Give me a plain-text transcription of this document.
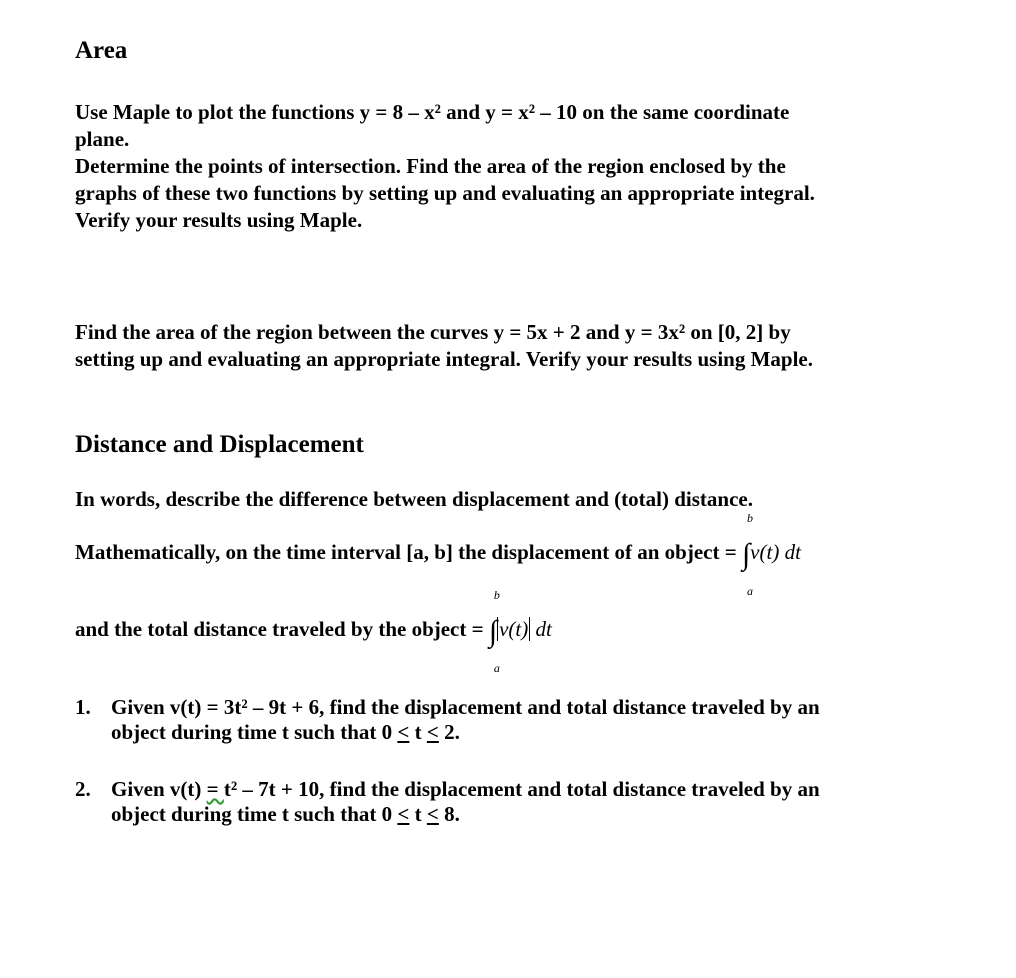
Area
Use Maple to plot the functions y = 8 – x² and y = x² – 10 on the same coordinate
plane.
Determine the points of intersection. Find the area of the region enclosed by the
graphs of these two functions by setting up and evaluating an appropriate integral.
Verify your results using Maple.
Find the area of the region between the curves y = 5x + 2 and y = 3x² on [0, 2] by
setting up and evaluating an appropriate integral. Verify your results using Maple.
Distance and Displacement
In words, describe the difference between displacement and (total) distance.
Mathematically, on the time interval [a, b] the displacement of an object =
b
∫v(t) dt
a
and the total distance traveled by the object =
b
∫v(t) dt
a
1. Given v(t) = 3t² – 9t + 6, find the displacement and total distance traveled by an
object during time t such that 0 ≤ t ≤ 2.
2. Given v(t) = t² – 7t + 10, find the displacement and total distance traveled by an
object during time t such that 0 ≤ t ≤ 8.
